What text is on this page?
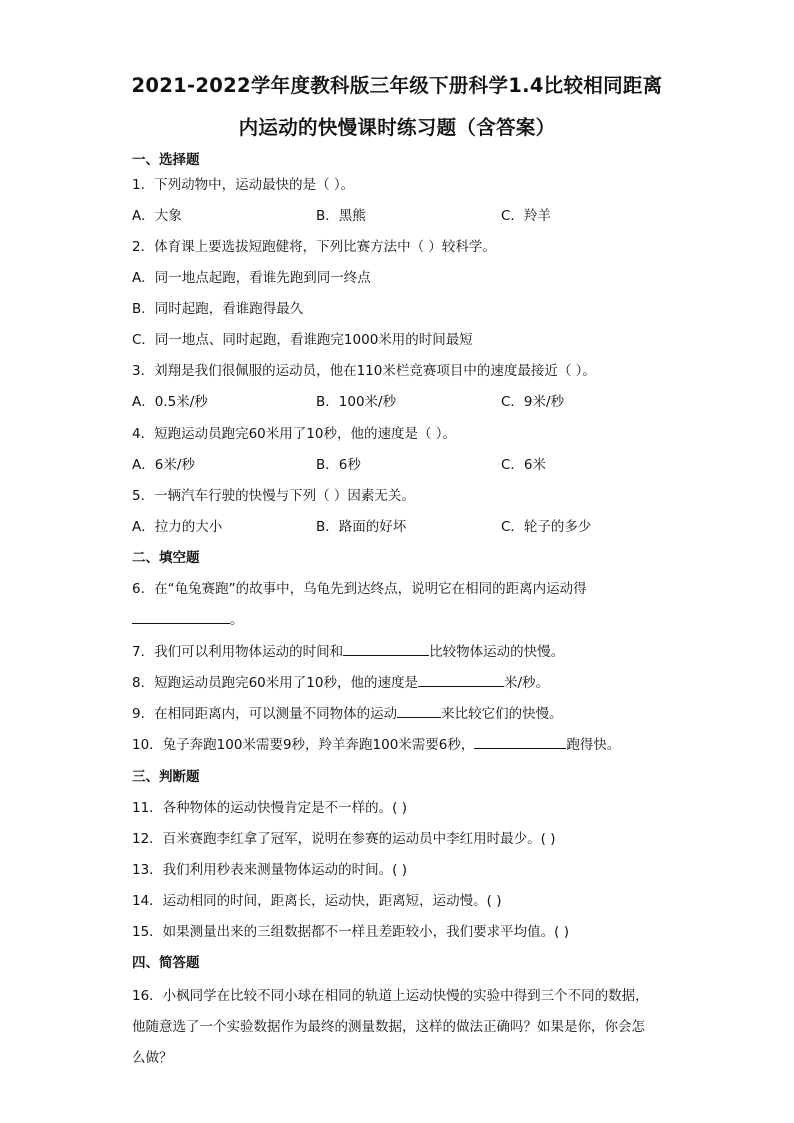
2021-2022学年度教科版三年级下册科学1.4比较相同距离
内运动的快慢课时练习题（含答案）
一、选择题
1．下列动物中，运动最快的是（ ）。
A．大象	B．黑熊	C．羚羊
2．体育课上要选拔短跑健将，下列比赛方法中（ ）较科学。
A．同一地点起跑，看谁先跑到同一终点
B．同时起跑，看谁跑得最久
C．同一地点、同时起跑，看谁跑完1000米用的时间最短
3．刘翔是我们很佩服的运动员，他在110米栏竞赛项目中的速度最接近（ ）。
A．0.5米/秒	B．100米/秒	C．9米/秒
4．短跑运动员跑完60米用了10秒，他的速度是（ ）。
A．6米/秒	B．6秒	C．6米
5．一辆汽车行驶的快慢与下列（ ）因素无关。
A．拉力的大小	B．路面的好坏	C．轮子的多少
二、填空题
6．在“龟兔赛跑”的故事中，乌龟先到达终点，说明它在相同的距离内运动得
。
7．我们可以利用物体运动的时间和	比较物体运动的快慢。
8．短跑运动员跑完60米用了10秒，他的速度是	米/秒。
9．在相同距离内，可以测量不同物体的运动	来比较它们的快慢。
10．兔子奔跑100米需要9秒，羚羊奔跑100米需要6秒，	跑得快。
三、判断题
11．各种物体的运动快慢肯定是不一样的。( )
12．百米赛跑李红拿了冠军，说明在参赛的运动员中李红用时最少。( )
13．我们利用秒表来测量物体运动的时间。( )
14．运动相同的时间，距离长，运动快，距离短，运动慢。( )
15．如果测量出来的三组数据都不一样且差距较小，我们要求平均值。( )
四、简答题
16．小枫同学在比较不同小球在相同的轨道上运动快慢的实验中得到三个不同的数据，
他随意选了一个实验数据作为最终的测量数据，这样的做法正确吗？如果是你，你会怎
么做？
